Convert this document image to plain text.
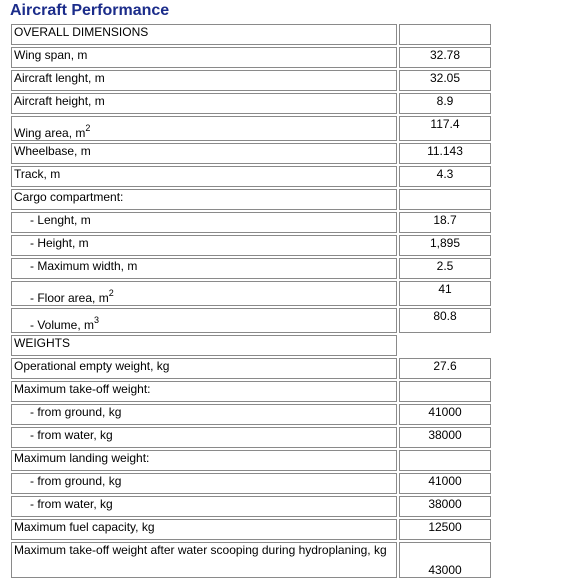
Aircraft Performance
OVERALL DIMENSIONS	
Wing span, m	32.78
Aircraft lenght, m	32.05
Aircraft height, m	8.9
Wing area, $m^2$	117.4
Wheelbase, m	11.143
Track, m	4.3
Cargo compartment:	
- Lenght, m	18.7
- Height, m	1,895
- Maximum width, m	2.5
- Floor area, $m^2$	41
- Volume, $m^3$	80.8
WEIGHTS	
Operational empty weight, kg	27.6
Maximum take-off weight:	
- from ground, kg	41000
- from water, kg	38000
Maximum landing weight:	
- from ground, kg	41000
- from water, kg	38000
Maximum fuel capacity, kg	12500
Maximum take-off weight after water scooping during hydroplaning, kg	43000
